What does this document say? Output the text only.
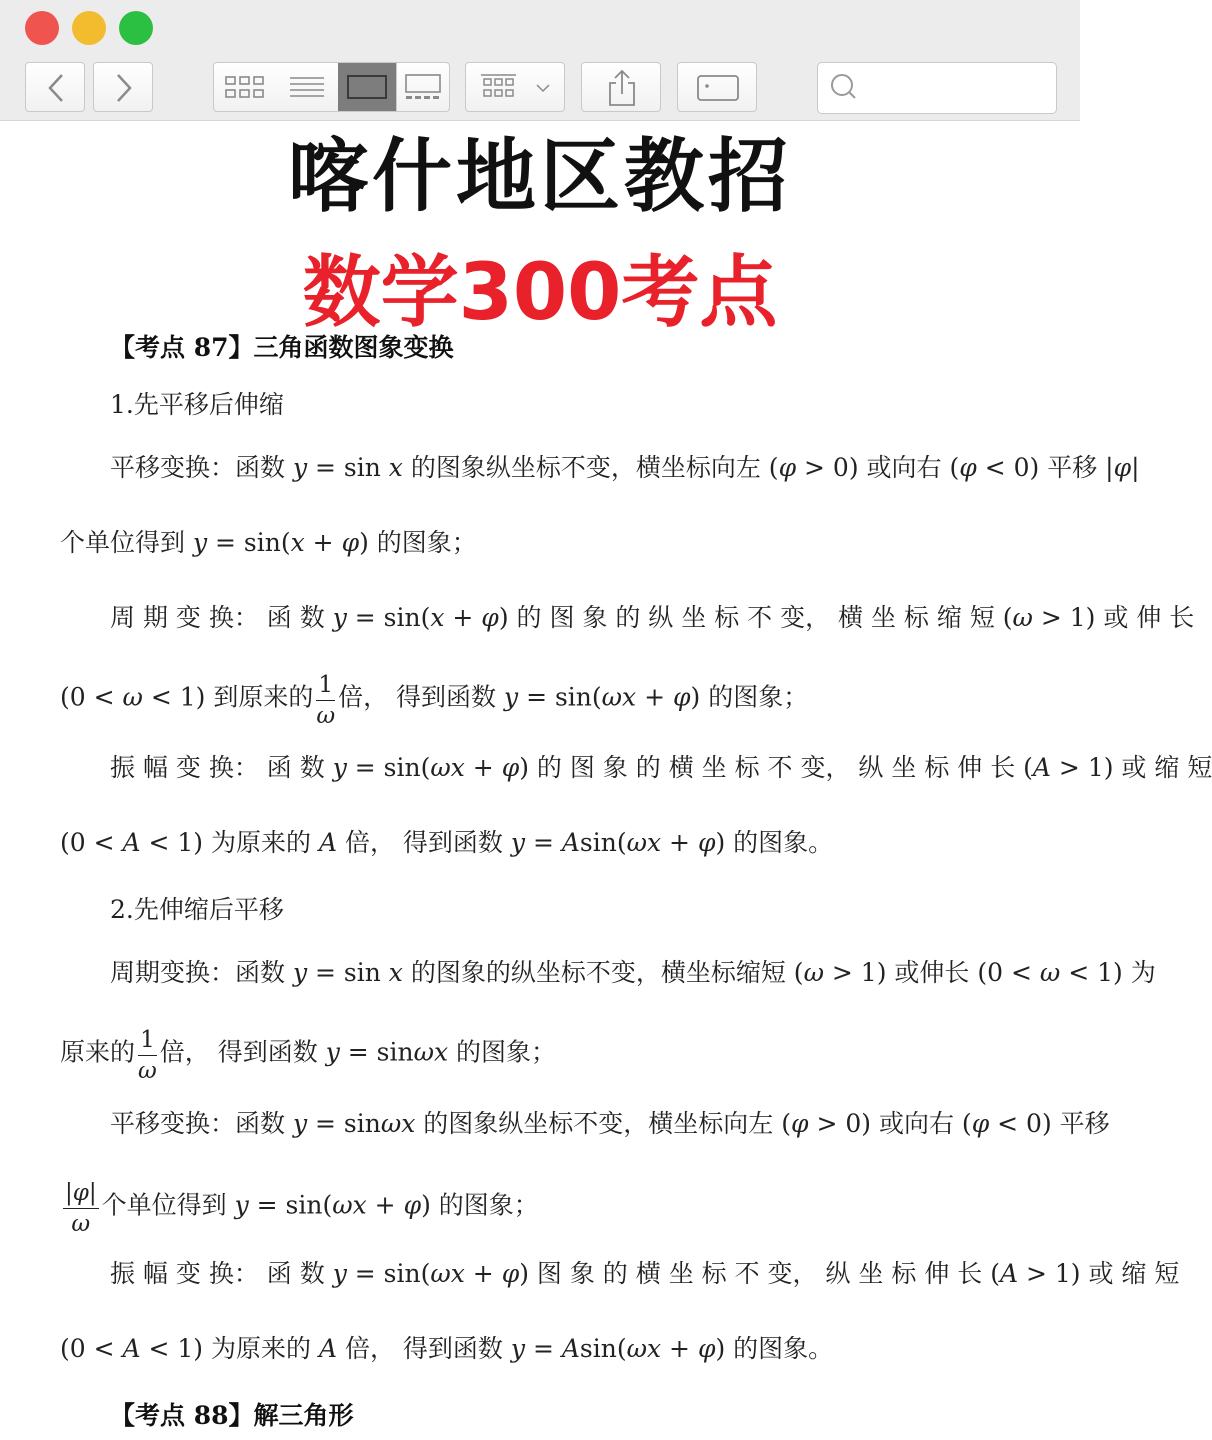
喀什地区教招
数学300考点
【考点 87】三角函数图象变换
1.先平移后伸缩
平移变换：函数 y = sin x 的图象纵坐标不变，横坐标向左 (φ > 0) 或向右 (φ < 0) 平移 |φ|
个单位得到 y = sin(x + φ) 的图象；
周 期 变 换： 函 数 y = sin(x + φ) 的 图 象 的 纵 坐 标 不 变， 横 坐 标 缩 短 (ω > 1) 或 伸 长
(0 < ω < 1) 到原来的 $\frac{1}{\omega}$ 倍， 得到函数 y = sin(ωx + φ) 的图象；
振 幅 变 换： 函 数 y = sin(ωx + φ) 的 图 象 的 横 坐 标 不 变， 纵 坐 标 伸 长 (A > 1) 或 缩 短
(0 < A < 1) 为原来的 A 倍， 得到函数 y = Asin(ωx + φ) 的图象。
2.先伸缩后平移
周期变换：函数 y = sin x 的图象的纵坐标不变，横坐标缩短 (ω > 1) 或伸长 (0 < ω < 1) 为
原来的 $\frac{1}{\omega}$ 倍， 得到函数 y = sinωx 的图象；
平移变换：函数 y = sinωx 的图象纵坐标不变，横坐标向左 (φ > 0) 或向右 (φ < 0) 平移
$\frac{|\varphi|}{\omega}$ 个单位得到 y = sin(ωx + φ) 的图象；
振 幅 变 换： 函 数 y = sin(ωx + φ) 图 象 的 横 坐 标 不 变， 纵 坐 标 伸 长 (A > 1) 或 缩 短
(0 < A < 1) 为原来的 A 倍， 得到函数 y = Asin(ωx + φ) 的图象。
【考点 88】解三角形
